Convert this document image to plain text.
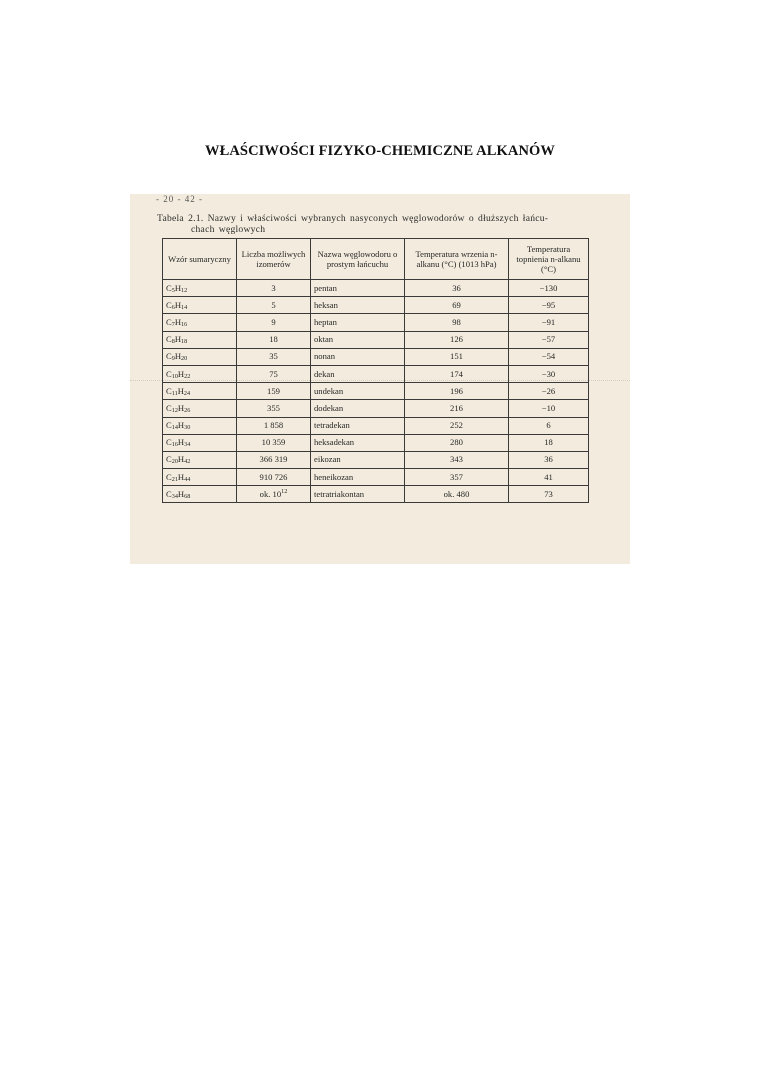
WŁAŚCIWOŚCI FIZYKO-CHEMICZNE ALKANÓW
- 20 - 42 -
Tabela 2.1. Nazwy i właściwości wybranych nasyconych węglowodorów o dłuższych łańcu-
chach węglowych
Wzór sumaryczny	Liczba możliwych izomerów	Nazwa węglowodoru o prostym łańcuchu	Temperatura wrzenia n-alkanu (°C) (1013 hPa)	Temperatura topnienia n-alkanu (°C)
$C_5H_{12}$	3	pentan	36	−130
$C_6H_{14}$	5	heksan	69	−95
$C_7H_{16}$	9	heptan	98	−91
$C_8H_{18}$	18	oktan	126	−57
$C_9H_{20}$	35	nonan	151	−54
$C_{10}H_{22}$	75	dekan	174	−30
$C_{11}H_{24}$	159	undekan	196	−26
$C_{12}H_{26}$	355	dodekan	216	−10
$C_{14}H_{30}$	1 858	tetradekan	252	6
$C_{16}H_{34}$	10 359	heksadekan	280	18
$C_{20}H_{42}$	366 319	eikozan	343	36
$C_{21}H_{44}$	910 726	heneikozan	357	41
$C_{34}H_{68}$	ok. $10^{12}$	tetratriakontan	ok. 480	73
